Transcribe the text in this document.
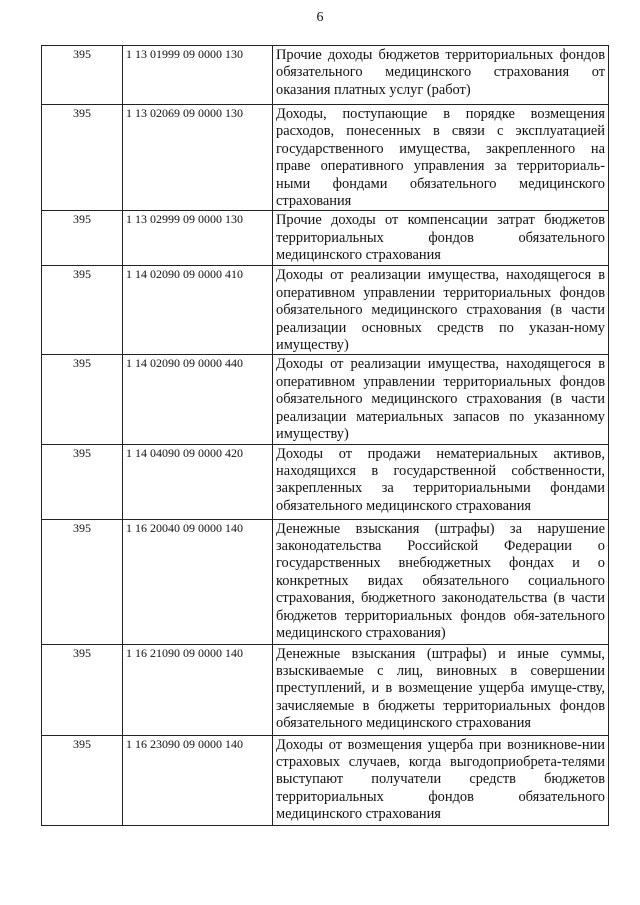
6
395	1 13 01999 09 0000 130	Прочие доходы бюджетов территориальных фондов обязательного медицинского страхования от оказания платных услуг (работ)
395	1 13 02069 09 0000 130	Доходы, поступающие в порядке возмещения расходов, понесенных в связи с эксплуатацией государственного имущества, закрепленного на праве оперативного управления за территориаль-ными фондами обязательного медицинского страхования
395	1 13 02999 09 0000 130	Прочие доходы от компенсации затрат бюджетов территориальных фондов обязательного медицинского страхования
395	1 14 02090 09 0000 410	Доходы от реализации имущества, находящегося в оперативном управлении территориальных фондов обязательного медицинского страхования (в части реализации основных средств по указан-ному имуществу)
395	1 14 02090 09 0000 440	Доходы от реализации имущества, находящегося в оперативном управлении территориальных фондов обязательного медицинского страхования (в части реализации материальных запасов по указанному имуществу)
395	1 14 04090 09 0000 420	Доходы от продажи нематериальных активов, находящихся в государственной собственности, закрепленных за территориальными фондами обязательного медицинского страхования
395	1 16 20040 09 0000 140	Денежные взыскания (штрафы) за нарушение законодательства Российской Федерации о государственных внебюджетных фондах и о конкретных видах обязательного социального страхования, бюджетного законодательства (в части бюджетов территориальных фондов обя-зательного медицинского страхования)
395	1 16 21090 09 0000 140	Денежные взыскания (штрафы) и иные суммы, взыскиваемые с лиц, виновных в совершении преступлений, и в возмещение ущерба имуще-ству, зачисляемые в бюджеты территориальных фондов обязательного медицинского страхования
395	1 16 23090 09 0000 140	Доходы от возмещения ущерба при возникнове-нии страховых случаев, когда выгодоприобрета-телями выступают получатели средств бюджетов территориальных фондов обязательного медицинского страхования
